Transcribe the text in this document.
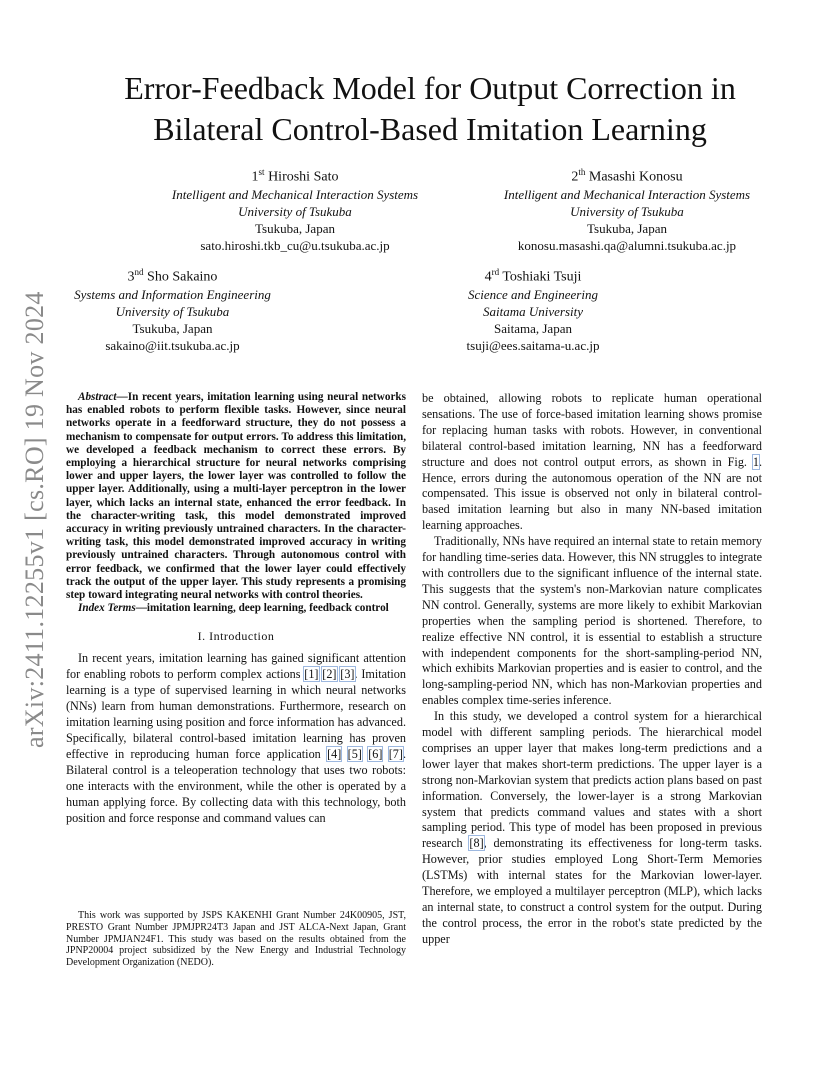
arXiv:2411.12255v1 [cs.RO] 19 Nov 2024
Error-Feedback Model for Output Correction in Bilateral Control-Based Imitation Learning
1st Hiroshi Sato
Intelligent and Mechanical Interaction Systems
University of Tsukuba
Tsukuba, Japan
sato.hiroshi.tkb_cu@u.tsukuba.ac.jp
2th Masashi Konosu
Intelligent and Mechanical Interaction Systems
University of Tsukuba
Tsukuba, Japan
konosu.masashi.qa@alumni.tsukuba.ac.jp
3nd Sho Sakaino
Systems and Information Engineering
University of Tsukuba
Tsukuba, Japan
sakaino@iit.tsukuba.ac.jp
4rd Toshiaki Tsuji
Science and Engineering
Saitama University
Saitama, Japan
tsuji@ees.saitama-u.ac.jp

Abstract—In recent years, imitation learning using neural networks has enabled robots to perform flexible tasks. However, since neural networks operate in a feedforward structure, they do not possess a mechanism to compensate for output errors. To address this limitation, we developed a feedback mechanism to correct these errors. By employing a hierarchical structure for neural networks comprising lower and upper layers, the lower layer was controlled to follow the upper layer. Additionally, using a multi-layer perceptron in the lower layer, which lacks an internal state, enhanced the error feedback. In the character-writing task, this model demonstrated improved accuracy in writing previously untrained characters. In the character-writing task, this model demonstrated improved accuracy in writing previously untrained characters. Through autonomous control with error feedback, we confirmed that the lower layer could effectively track the output of the upper layer. This study represents a promising step toward integrating neural networks with control theories.

Index Terms—imitation learning, deep learning, feedback control

I. Introduction

In recent years, imitation learning has gained significant attention for enabling robots to perform complex actions [1] [2] [3]. Imitation learning is a type of supervised learning in which neural networks (NNs) learn from human demonstrations. Furthermore, research on imitation learning using position and force information has advanced. Specifically, bilateral control-based imitation learning has proven effective in reproducing human force application [4] [5] [6] [7]. Bilateral control is a teleoperation technology that uses two robots: one interacts with the environment, while the other is operated by a human applying force. By collecting data with this technology, both position and force response and command values can

This work was supported by JSPS KAKENHI Grant Number 24K00905, JST, PRESTO Grant Number JPMJPR24T3 Japan and JST ALCA-Next Japan, Grant Number JPMJAN24F1. This study was based on the results obtained from the JPNP20004 project subsidized by the New Energy and Industrial Technology Development Organization (NEDO).

be obtained, allowing robots to replicate human operational sensations. The use of force-based imitation learning shows promise for replacing human tasks with robots. However, in conventional bilateral control-based imitation learning, NN has a feedforward structure and does not control output errors, as shown in Fig. 1. Hence, errors during the autonomous operation of the NN are not compensated. This issue is observed not only in bilateral control-based imitation learning but also in many NN-based imitation learning approaches.

Traditionally, NNs have required an internal state to retain memory for handling time-series data. However, this NN struggles to integrate with controllers due to the significant influence of the internal state. This suggests that the system's non-Markovian nature complicates NN control. Generally, systems are more likely to exhibit Markovian properties when the sampling period is shortened. Therefore, to realize effective NN control, it is essential to establish a structure with independent components for the short-sampling-period NN, which exhibits Markovian properties and is easier to control, and the long-sampling-period NN, which has non-Markovian properties and enables complex time-series inference.

In this study, we developed a control system for a hierarchical model with different sampling periods. The hierarchical model comprises an upper layer that makes long-term predictions and a lower layer that makes short-term predictions. The upper layer is a strong non-Markovian system that predicts action plans based on past information. Conversely, the lower-layer is a strong Markovian system that predicts command values and states with a short sampling period. This type of model has been proposed in previous research [8], demonstrating its effectiveness for long-term tasks. However, prior studies employed Long Short-Term Memories (LSTMs) with internal states for the Markovian lower-layer. Therefore, we employed a multilayer perceptron (MLP), which lacks an internal state, to construct a control system for the output. During the control process, the error in the robot's state predicted by the upper
